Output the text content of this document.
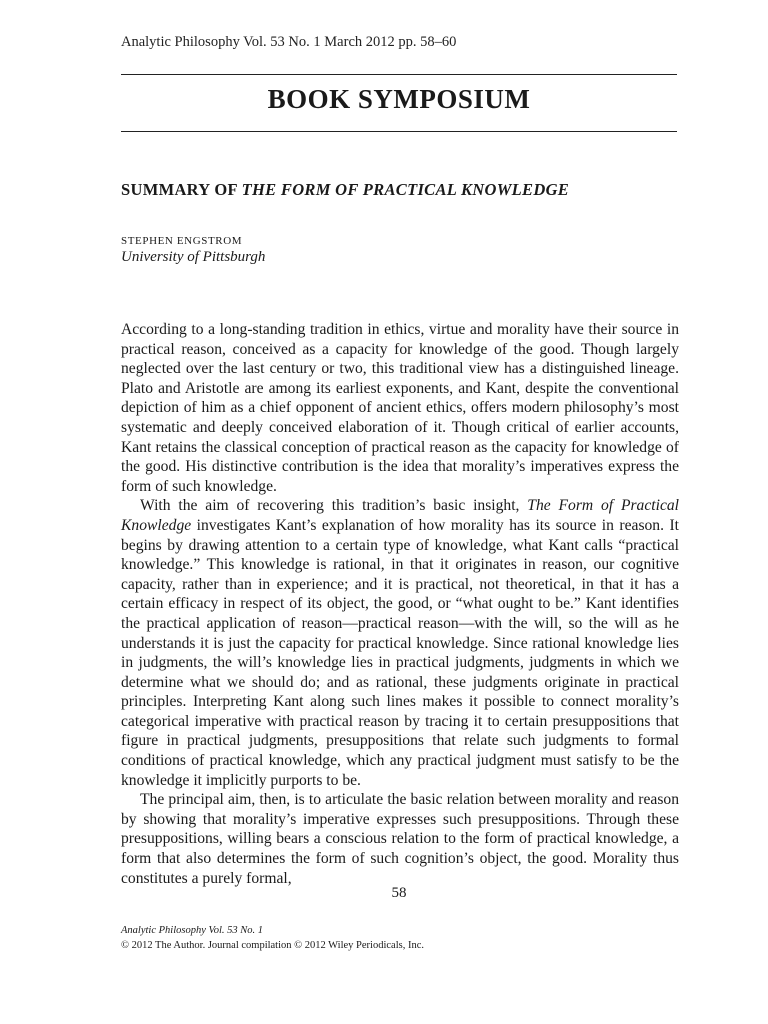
Analytic Philosophy Vol. 53 No. 1 March 2012 pp. 58–60
BOOK SYMPOSIUM
SUMMARY OF THE FORM OF PRACTICAL KNOWLEDGE
STEPHEN ENGSTROM
University of Pittsburgh

According to a long-standing tradition in ethics, virtue and morality have their source in practical reason, conceived as a capacity for knowledge of the good. Though largely neglected over the last century or two, this traditional view has a distinguished lineage. Plato and Aristotle are among its earliest exponents, and Kant, despite the conventional depiction of him as a chief opponent of ancient ethics, offers modern philosophy’s most systematic and deeply conceived elaboration of it. Though critical of earlier accounts, Kant retains the classical conception of practical reason as the capacity for knowledge of the good. His distinctive contribution is the idea that morality’s imperatives express the form of such knowledge.

With the aim of recovering this tradition’s basic insight, The Form of Practical Knowledge investigates Kant’s explanation of how morality has its source in reason. It begins by drawing attention to a certain type of knowledge, what Kant calls “practical knowledge.” This knowledge is rational, in that it originates in reason, our cognitive capacity, rather than in experience; and it is practical, not theoretical, in that it has a certain efficacy in respect of its object, the good, or “what ought to be.” Kant identifies the practical application of reason—practical reason—with the will, so the will as he understands it is just the capacity for practical knowledge. Since rational knowledge lies in judgments, the will’s knowledge lies in practical judgments, judgments in which we determine what we should do; and as rational, these judgments originate in practical principles. Interpreting Kant along such lines makes it possible to connect morality’s categorical imperative with practical reason by tracing it to certain presuppositions that figure in practical judgments, presuppositions that relate such judgments to formal conditions of practical knowledge, which any practical judgment must satisfy to be the knowledge it implicitly purports to be.

The principal aim, then, is to articulate the basic relation between morality and reason by showing that morality’s imperative expresses such presuppositions. Through these presuppositions, willing bears a conscious relation to the form of practical knowledge, a form that also determines the form of such cognition’s object, the good. Morality thus constitutes a purely formal,

58
Analytic Philosophy Vol. 53 No. 1
© 2012 The Author. Journal compilation © 2012 Wiley Periodicals, Inc.
